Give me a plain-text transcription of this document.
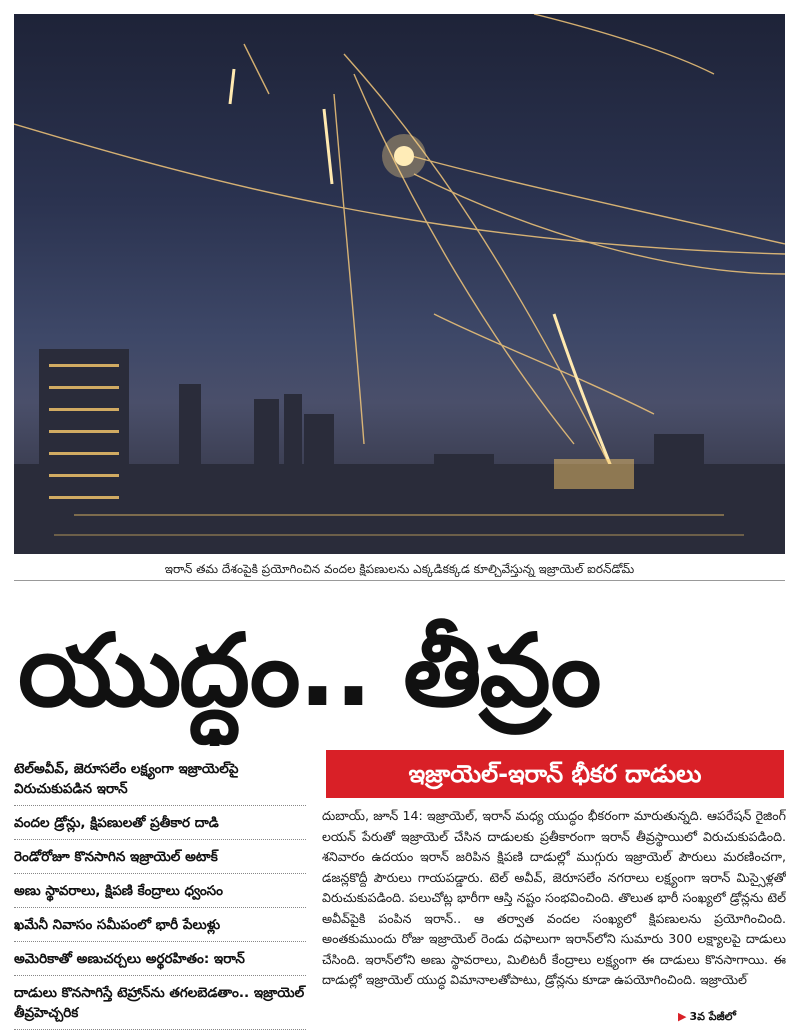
ఇరాన్ తమ దేశంపైకి ప్రయోగించిన వందల క్షిపణులను ఎక్కడికక్కడ కూల్చివేస్తున్న ఇజ్రాయెల్ ఐరన్‌డోమ్
యుద్ధం.. తీవ్రం
టెల్‌అవీవ్, జెరూసలేం లక్ష్యంగా ఇజ్రాయెల్‌పై విరుచుకుపడిన ఇరాన్
వందల డ్రోన్లు, క్షిపణులతో ప్రతీకార దాడి
రెండోరోజూ కొనసాగిన ఇజ్రాయెల్ అటాక్
అణు స్థావరాలు, క్షిపణి కేంద్రాలు ధ్వంసం
ఖమేనీ నివాసం సమీపంలో భారీ పేలుళ్లు
అమెరికాతో అణుచర్చలు అర్థరహితం: ఇరాన్
దాడులు కొనసాగిస్తే టెహ్రాన్‌ను తగలబెడతాం.. ఇజ్రాయెల్ తీవ్రహెచ్చరిక
ఇజ్రాయెల్-ఇరాన్ భీకర దాడులు
దుబాయ్, జూన్ 14: ఇజ్రాయెల్, ఇరాన్ మధ్య యుద్ధం భీకరంగా మారుతున్నది. ఆపరేషన్ రైజింగ్ లయన్ పేరుతో ఇజ్రాయెల్ చేసిన దాడులకు ప్రతీకారంగా ఇరాన్ తీవ్రస్థాయిలో విరుచుకుపడింది. శనివారం ఉదయం ఇరాన్ జరిపిన క్షిపణి దాడుల్లో ముగ్గురు ఇజ్రాయెల్ పౌరులు మరణించగా, డజన్లకొద్దీ పౌరులు గాయపడ్డారు. టెల్ అవీవ్, జెరూసలేం నగరాలు లక్ష్యంగా ఇరాన్ మిస్సైళ్లతో విరుచుకుపడింది. పలుచోట్ల భారీగా ఆస్తి నష్టం సంభవించింది. తొలుత భారీ సంఖ్యలో డ్రోన్లను టెల్ అవీవ్‌పైకి పంపిన ఇరాన్.. ఆ తర్వాత వందల సంఖ్యలో క్షిపణులను ప్రయోగించింది. అంతకుముందు రోజు ఇజ్రాయెల్ రెండు దఫాలుగా ఇరాన్‌లోని సుమారు 300 లక్ష్యాలపై దాడులు చేసింది. ఇరాన్‌లోని అణు స్థావరాలు, మిలిటరీ కేంద్రాలు లక్ష్యంగా ఈ దాడులు కొనసాగాయి. ఈ దాడుల్లో ఇజ్రాయెల్ యుద్ధ విమానాలతోపాటు, డ్రోన్లను కూడా ఉపయోగించింది. ఇజ్రాయెల్
▶ 3వ పేజీలో
